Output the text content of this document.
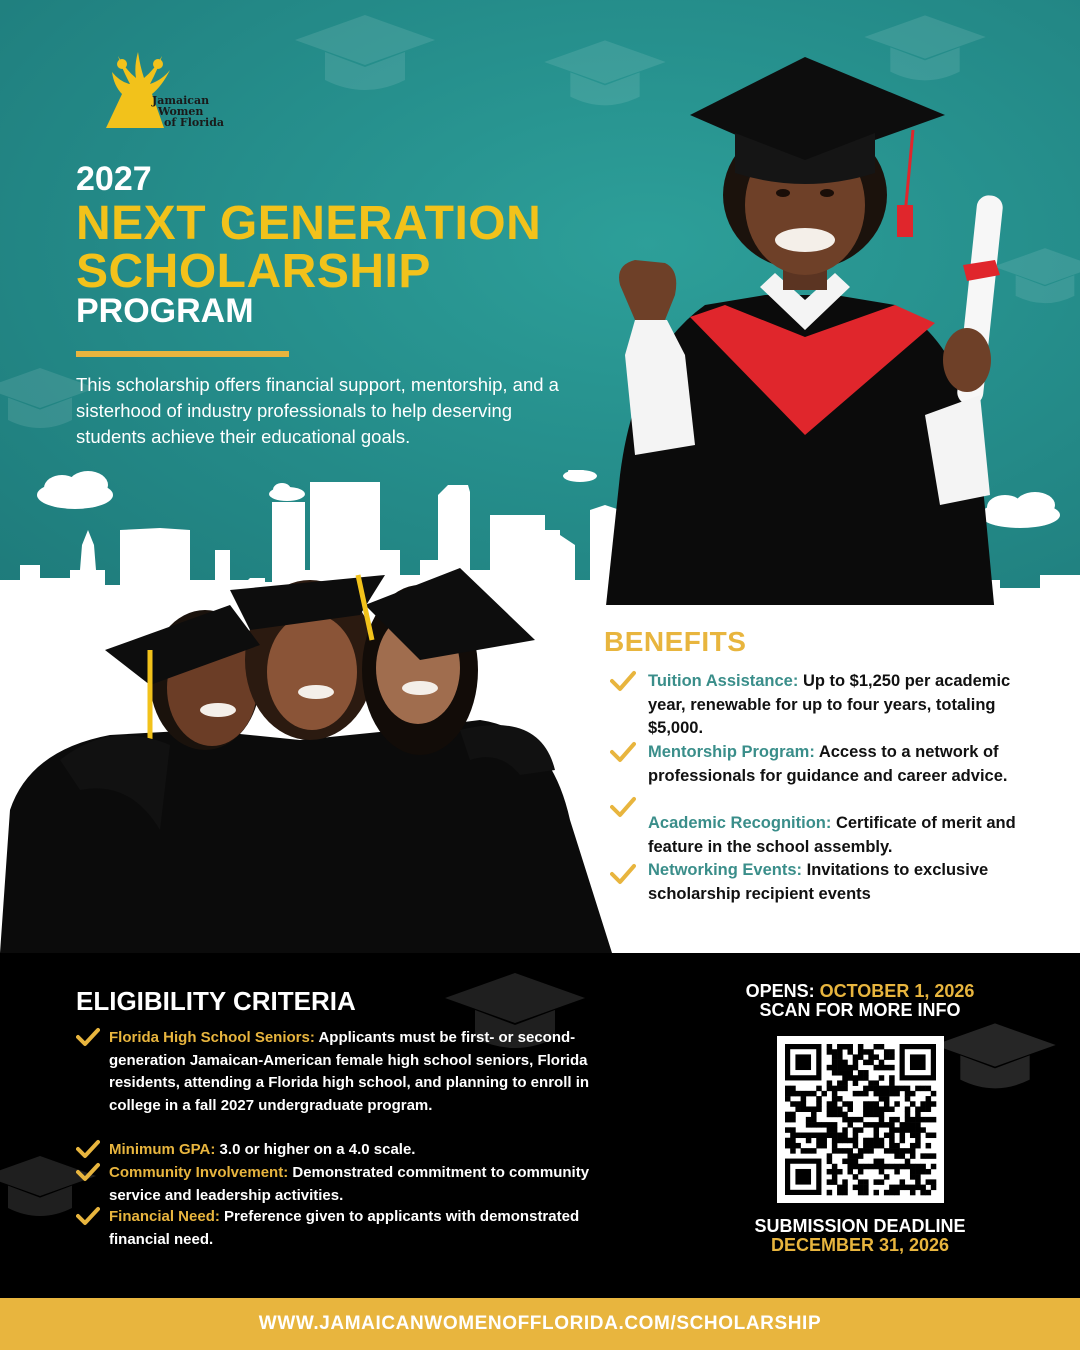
Jamaican
Women
of Florida
2027
NEXT GENERATION
SCHOLARSHIP
PROGRAM

This scholarship offers financial support, mentorship, and a sisterhood of industry professionals to help deserving students achieve their educational goals.

BENEFITS
Tuition Assistance: Up to $1,250 per academic year, renewable for up to four years, totaling $5,000.
Mentorship Program: Access to a network of professionals for guidance and career advice.
Academic Recognition: Certificate of merit and feature in the school assembly.
Networking Events: Invitations to exclusive scholarship recipient events
ELIGIBILITY CRITERIA
Florida High School Seniors: Applicants must be first- or second-generation Jamaican-American female high school seniors, Florida residents, attending a Florida high school, and planning to enroll in college in a fall 2027 undergraduate program.
Minimum GPA: 3.0 or higher on a 4.0 scale.
Community Involvement: Demonstrated commitment to community service and leadership activities.
Financial Need: Preference given to applicants with demonstrated financial need.
OPENS: OCTOBER 1, 2026
SCAN FOR MORE INFO
SUBMISSION DEADLINE
DECEMBER 31, 2026
WWW.JAMAICANWOMENOFFLORIDA.COM/SCHOLARSHIP
